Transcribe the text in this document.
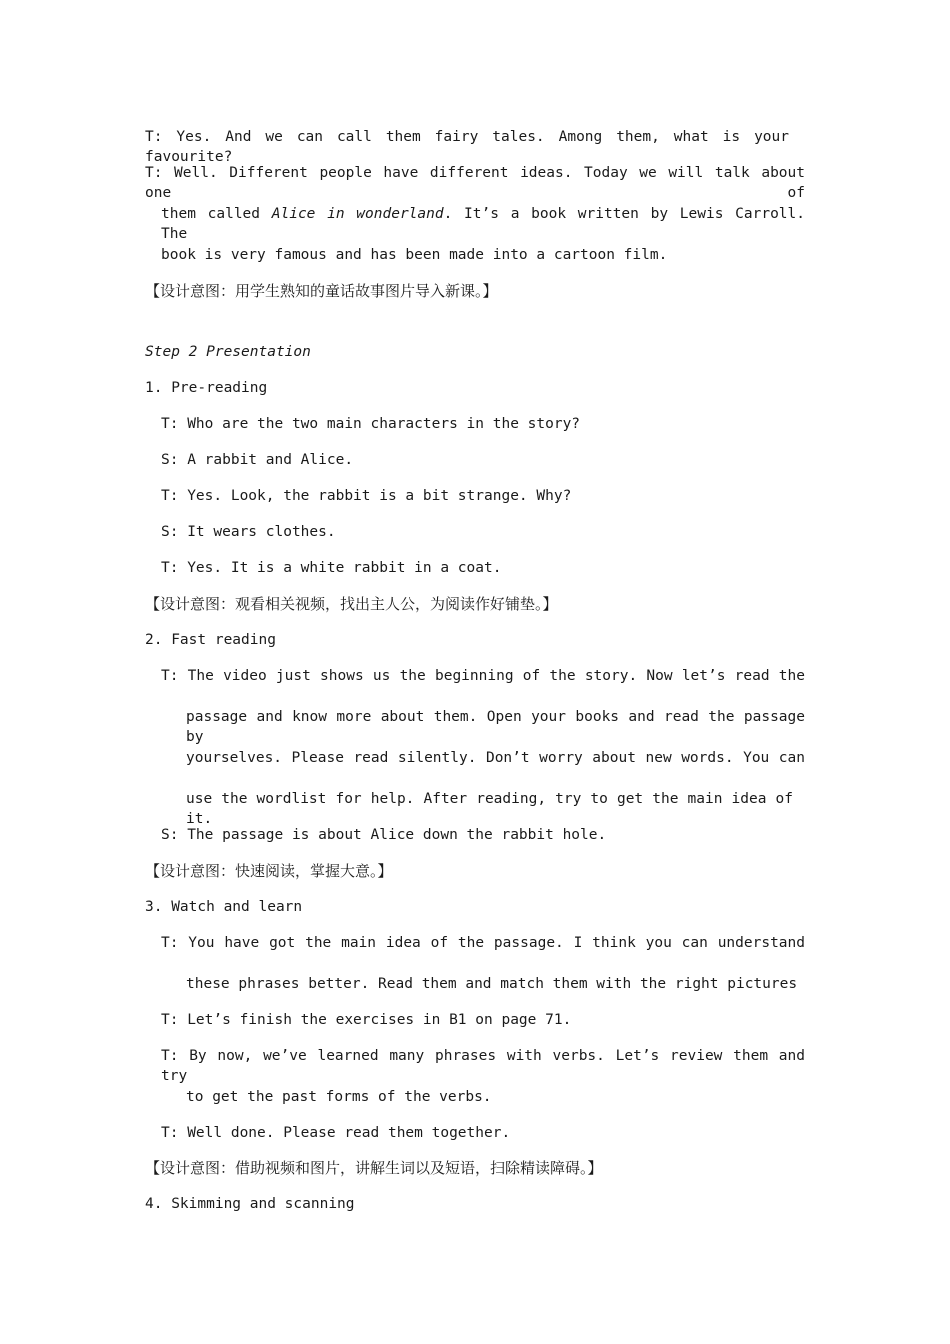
T: Yes. And we can call them fairy tales. Among them, what is your favourite?
T: Well. Different people have different ideas. Today we will talk about one of
them called Alice in wonderland. It’s a book written by Lewis Carroll. The
book is very famous and has been made into a cartoon film.
【设计意图：用学生熟知的童话故事图片导入新课。】
Step 2 Presentation
1. Pre-reading
T: Who are the two main characters in the story?
S: A rabbit and Alice.
T: Yes. Look, the rabbit is a bit strange. Why?
S: It wears clothes.
T: Yes. It is a white rabbit in a coat.
【设计意图：观看相关视频，找出主人公，为阅读作好铺垫。】
2. Fast reading
T: The video just shows us the beginning of the story. Now let’s read the
passage and know more about them. Open your books and read the passage by
yourselves. Please read silently. Don’t worry about new words. You can
use the wordlist for help. After reading, try to get the main idea of it.
S: The passage is about Alice down the rabbit hole.
【设计意图：快速阅读，掌握大意。】
3. Watch and learn
T: You have got the main idea of the passage. I think you can understand
these phrases better. Read them and match them with the right pictures
T: Let’s finish the exercises in B1 on page 71.
T: By now, we’ve learned many phrases with verbs. Let’s review them and try
to get the past forms of the verbs.
T: Well done. Please read them together.
【设计意图：借助视频和图片，讲解生词以及短语，扫除精读障碍。】
4. Skimming and scanning
